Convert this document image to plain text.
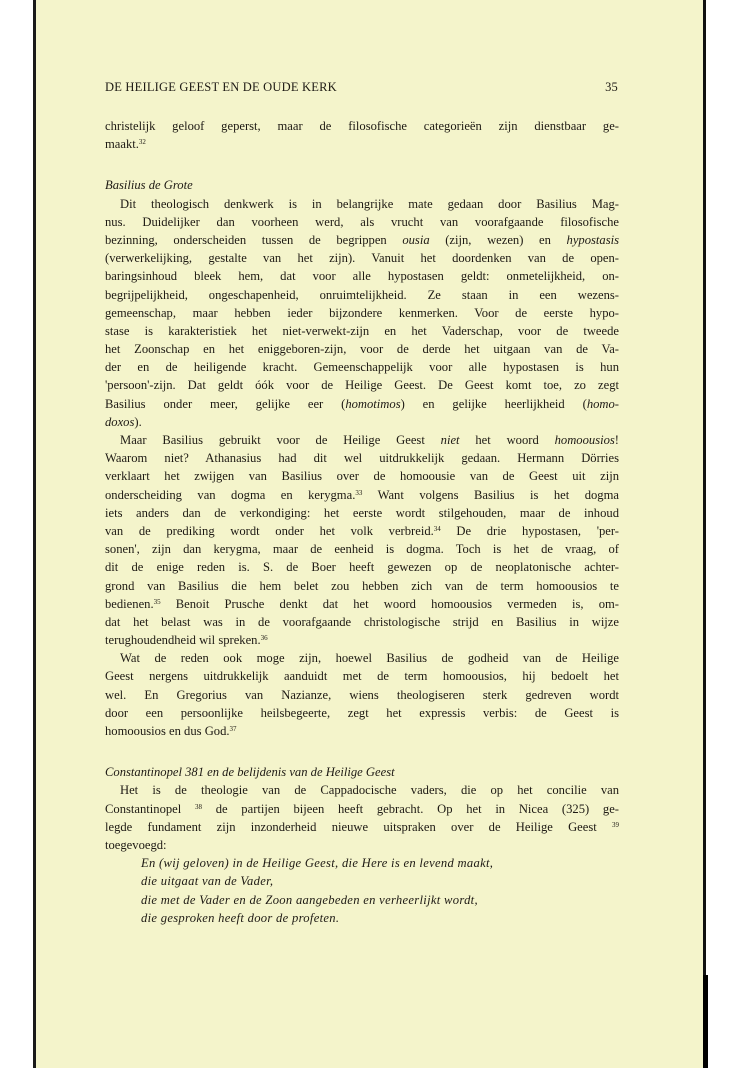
DE HEILIGE GEEST EN DE OUDE KERK	35
christelijk geloof geperst, maar de filosofische categorieën zijn dienstbaar ge-
maakt.$^{32}$
Basilius de Grote
Dit theologisch denkwerk is in belangrijke mate gedaan door Basilius Mag-
nus. Duidelijker dan voorheen werd, als vrucht van voorafgaande filosofische
bezinning, onderscheiden tussen de begrippen ousia (zijn, wezen) en hypostasis
(verwerkelijking, gestalte van het zijn). Vanuit het doordenken van de open-
baringsinhoud bleek hem, dat voor alle hypostasen geldt: onmetelijkheid, on-
begrijpelijkheid, ongeschapenheid, onruimtelijkheid. Ze staan in een wezens-
gemeenschap, maar hebben ieder bijzondere kenmerken. Voor de eerste hypo-
stase is karakteristiek het niet-verwekt-zijn en het Vaderschap, voor de tweede
het Zoonschap en het eniggeboren-zijn, voor de derde het uitgaan van de Va-
der en de heiligende kracht. Gemeenschappelijk voor alle hypostasen is hun
'persoon'-zijn. Dat geldt óók voor de Heilige Geest. De Geest komt toe, zo zegt
Basilius onder meer, gelijke eer (homotimos) en gelijke heerlijkheid (homo-
doxos).
Maar Basilius gebruikt voor de Heilige Geest niet het woord homoousios!
Waarom niet? Athanasius had dit wel uitdrukkelijk gedaan. Hermann Dörries
verklaart het zwijgen van Basilius over de homoousie van de Geest uit zijn
onderscheiding van dogma en kerygma.$^{33}$ Want volgens Basilius is het dogma
iets anders dan de verkondiging: het eerste wordt stilgehouden, maar de inhoud
van de prediking wordt onder het volk verbreid.$^{34}$ De drie hypostasen, 'per-
sonen', zijn dan kerygma, maar de eenheid is dogma. Toch is het de vraag, of
dit de enige reden is. S. de Boer heeft gewezen op de neoplatonische achter-
grond van Basilius die hem belet zou hebben zich van de term homoousios te
bedienen.$^{35}$ Benoit Prusche denkt dat het woord homoousios vermeden is, om-
dat het belast was in de voorafgaande christologische strijd en Basilius in wijze
terughoudendheid wil spreken.$^{36}$
Wat de reden ook moge zijn, hoewel Basilius de godheid van de Heilige
Geest nergens uitdrukkelijk aanduidt met de term homoousios, hij bedoelt het
wel. En Gregorius van Nazianze, wiens theologiseren sterk gedreven wordt
door een persoonlijke heilsbegeerte, zegt het expressis verbis: de Geest is
homoousios en dus God.$^{37}$
Constantinopel 381 en de belijdenis van de Heilige Geest
Het is de theologie van de Cappadocische vaders, die op het concilie van
Constantinopel $^{38}$ de partijen bijeen heeft gebracht. Op het in Nicea (325) ge-
legde fundament zijn inzonderheid nieuwe uitspraken over de Heilige Geest $^{39}$
toegevoegd:
En (wij geloven) in de Heilige Geest, die Here is en levend maakt,
die uitgaat van de Vader,
die met de Vader en de Zoon aangebeden en verheerlijkt wordt,
die gesproken heeft door de profeten.
